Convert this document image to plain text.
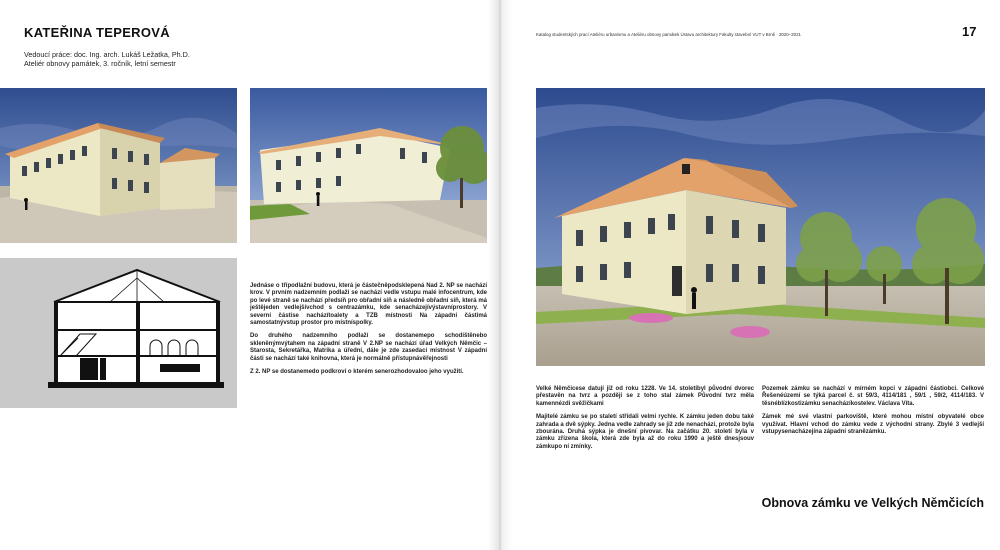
KATEŘINA TEPEROVÁ
Vedoucí práce: doc. Ing. arch. Lukáš Ležatka, Ph.D.
Ateliér obnovy památek, 3. ročník, letní semestr

Jednáse o třípodlažní budovu, která je částečněpodsklepená Nad 2. NP se nachází krov. V prvním nadzemním podlaží se nachází vedle vstupu malé infocentrum, kde po levé straně se nachází předsíň pro obřadní síň a následně obřadní síň, která má ještějeden vedlejšívchod s centrazámku, kde senacházejívýstavníprostory. V severní částise nacházítoalety a TZB místnosti Na západní částimá samostatnývstup prostor pro místníspolky.

Do druhého nadzemního podlaží se dostanemepo schodištěnebo skleněnýmvýtahem na západní straně V 2.NP se nachází úřad Velkých Němčic – Starosta, Sekretářka, Matrika a úřední, dále je zde zasedací místnost V západní části se nachází také knihovna, která je normálně přístupnávěřejnosti

Z 2. NP se dostanemedo podkroví o kterém senerozhodovaloo jeho využití.

Katalog studentských prací Ateliéru urbanismu a Ateliéru obnovy památek Ústavu architektury Fakulty stavební VUT v Brně · 2020–2021	17

Velké Němčicese datují již od roku 1228. Ve 14. stoletíbyl původní dvorec přestavěn na tvrz a později se z toho stal zámek Původní tvrz měla kamennézdi svěžičkami

Majitelé zámku se po staletí střídali velmi rychle. K zámku jeden dobu také zahrada a dvě sýpky. Jedna vedle zahrady se již zde nenachází, protože byla zbourána. Druhá sýpka je dnešní pivovar. Na začátku 20. století byla v zámku zřízena škola, která zde byla až do roku 1990 a ještě dnesjsouv zámkupo ní zmínky.

Pozemek zámku se nachází v mírném kopci v západní částiobci. Celkové Řešenéúzemí se týká parcel č. st 59/3, 4114/181 , 59/1 , 59/2, 4114/183. V těsnéblízkostizámku senacházíkostelev. Václava Víta.

Zámek mé své vlastní parkoviště, které mohou místní obyvatelé obce využívat. Hlavní vchod do zámku vede z východní strany. Zbylé 3 vedlejší vstupysenacházejína západní stranězámku.

Obnova zámku ve Velkých Němčicích
